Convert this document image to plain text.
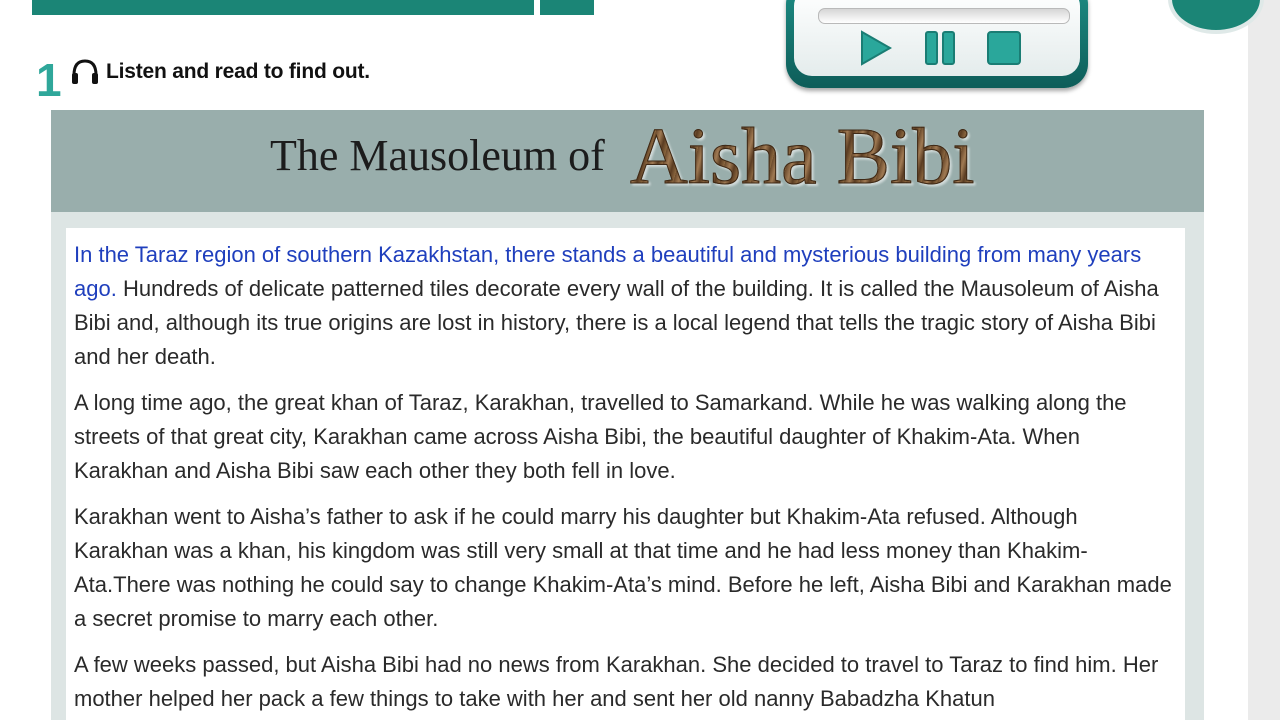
1 Listen and read to find out.
The Mausoleum of Aisha Bibi

In the Taraz region of southern Kazakhstan, there stands a beautiful and mysterious building from many years ago. Hundreds of delicate patterned tiles decorate every wall of the building. It is called the Mausoleum of Aisha Bibi and, although its true origins are lost in history, there is a local legend that tells the tragic story of Aisha Bibi and her death.

A long time ago, the great khan of Taraz, Karakhan, travelled to Samarkand. While he was walking along the streets of that great city, Karakhan came across Aisha Bibi, the beautiful daughter of Khakim-Ata. When Karakhan and Aisha Bibi saw each other they both fell in love.

Karakhan went to Aisha’s father to ask if he could marry his daughter but Khakim-Ata refused. Although Karakhan was a khan, his kingdom was still very small at that time and he had less money than Khakim-Ata.There was nothing he could say to change Khakim-Ata’s mind. Before he left, Aisha Bibi and Karakhan made a secret promise to marry each other.

A few weeks passed, but Aisha Bibi had no news from Karakhan. She decided to travel to Taraz to find him. Her mother helped her pack a few things to take with her and sent her old nanny Babadzha Khatun
